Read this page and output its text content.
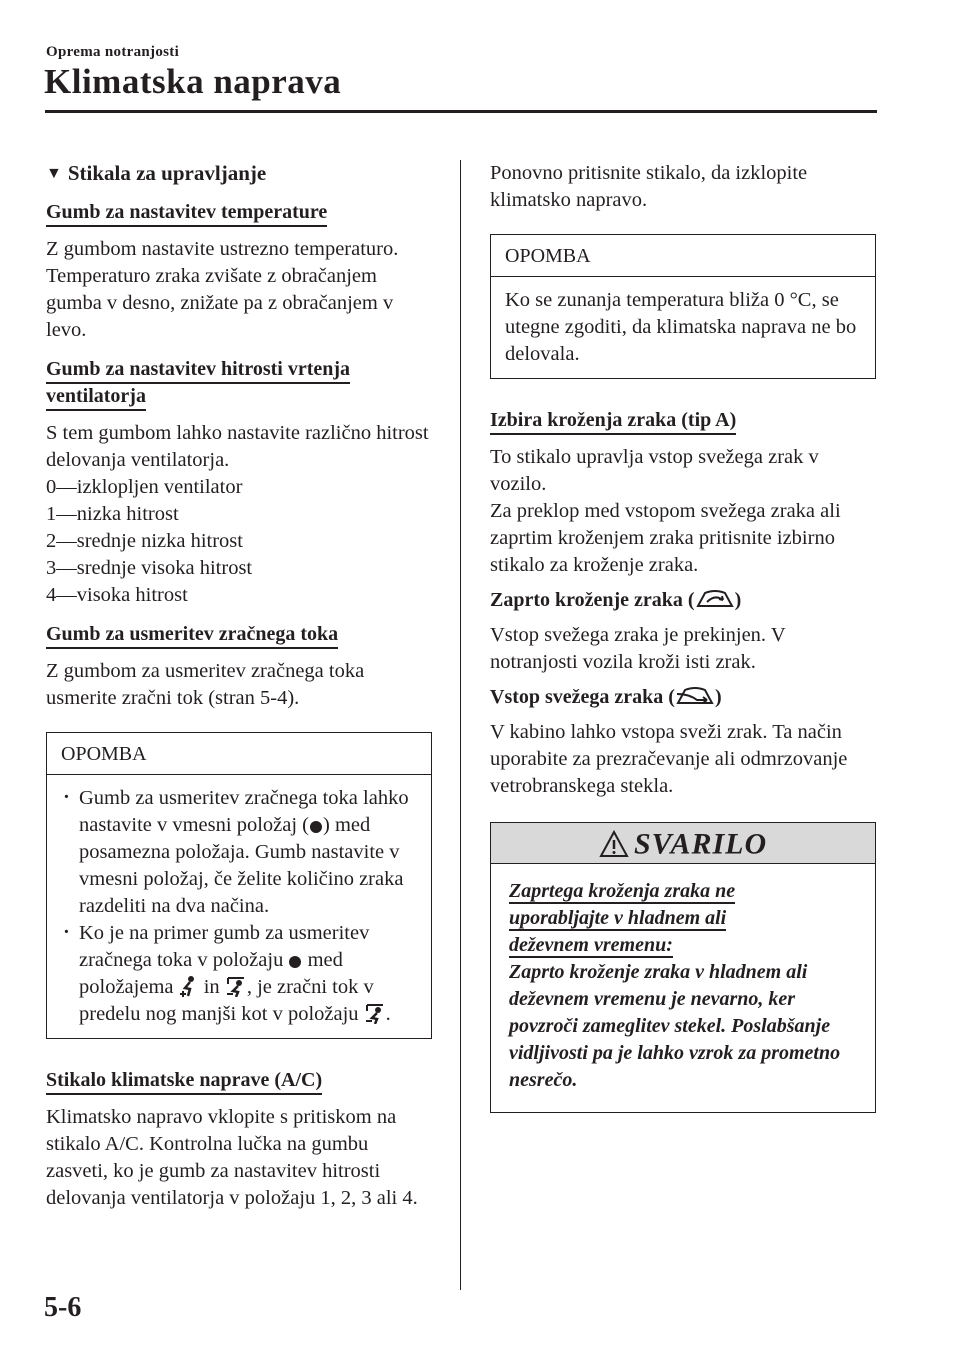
Oprema notranjosti
Klimatska naprava

▼ Stikala za upravljanje

Gumb za nastavitev temperature

Z gumbom nastavite ustrezno temperaturo. Temperaturo zraka zvišate z obračanjem gumba v desno, znižate pa z obračanjem v levo.

Gumb za nastavitev hitrosti vrtenja
ventilatorja

S tem gumbom lahko nastavite različno hitrost delovanja ventilatorja.

0—izklopljen ventilator
1—nizka hitrost
2—srednje nizka hitrost
3—srednje visoka hitrost
4—visoka hitrost

Gumb za usmeritev zračnega toka

Z gumbom za usmeritev zračnega toka usmerite zračni tok (stran 5-4).

OPOMBA

· Gumb za usmeritev zračnega toka lahko nastavite v vmesni položaj ( ) med posamezna položaja. Gumb nastavite v vmesni položaj, če želite količino zraka razdeliti na dva načina.

· Ko je na primer gumb za usmeritev zračnega toka v položaju  med položajema  in , je zračni tok v predelu nog manjši kot v položaju .

Stikalo klimatske naprave (A/C)

Klimatsko napravo vklopite s pritiskom na stikalo A/C. Kontrolna lučka na gumbu zasveti, ko je gumb za nastavitev hitrosti delovanja ventilatorja v položaju 1, 2, 3 ali 4.

Ponovno pritisnite stikalo, da izklopite klimatsko napravo.

OPOMBA

Ko se zunanja temperatura bliža 0 °C, se utegne zgoditi, da klimatska naprava ne bo delovala.

Izbira kroženja zraka (tip A)

To stikalo upravlja vstop svežega zrak v vozilo.

Za preklop med vstopom svežega zraka ali zaprtim kroženjem zraka pritisnite izbirno stikalo za kroženje zraka.

Zaprto kroženje zraka ( )

Vstop svežega zraka je prekinjen. V notranjosti vozila kroži isti zrak.

Vstop svežega zraka ( )

V kabino lahko vstopa sveži zrak. Ta način uporabite za prezračevanje ali odmrzovanje vetrobranskega stekla.

SVARILO
Zaprtega kroženja zraka ne
uporabljajte v hladnem ali
deževnem vremenu:
Zaprto kroženje zraka v hladnem ali deževnem vremenu je nevarno, ker povzroči zameglitev stekel. Poslabšanje vidljivosti pa je lahko vzrok za prometno nesrečo.
5-6
